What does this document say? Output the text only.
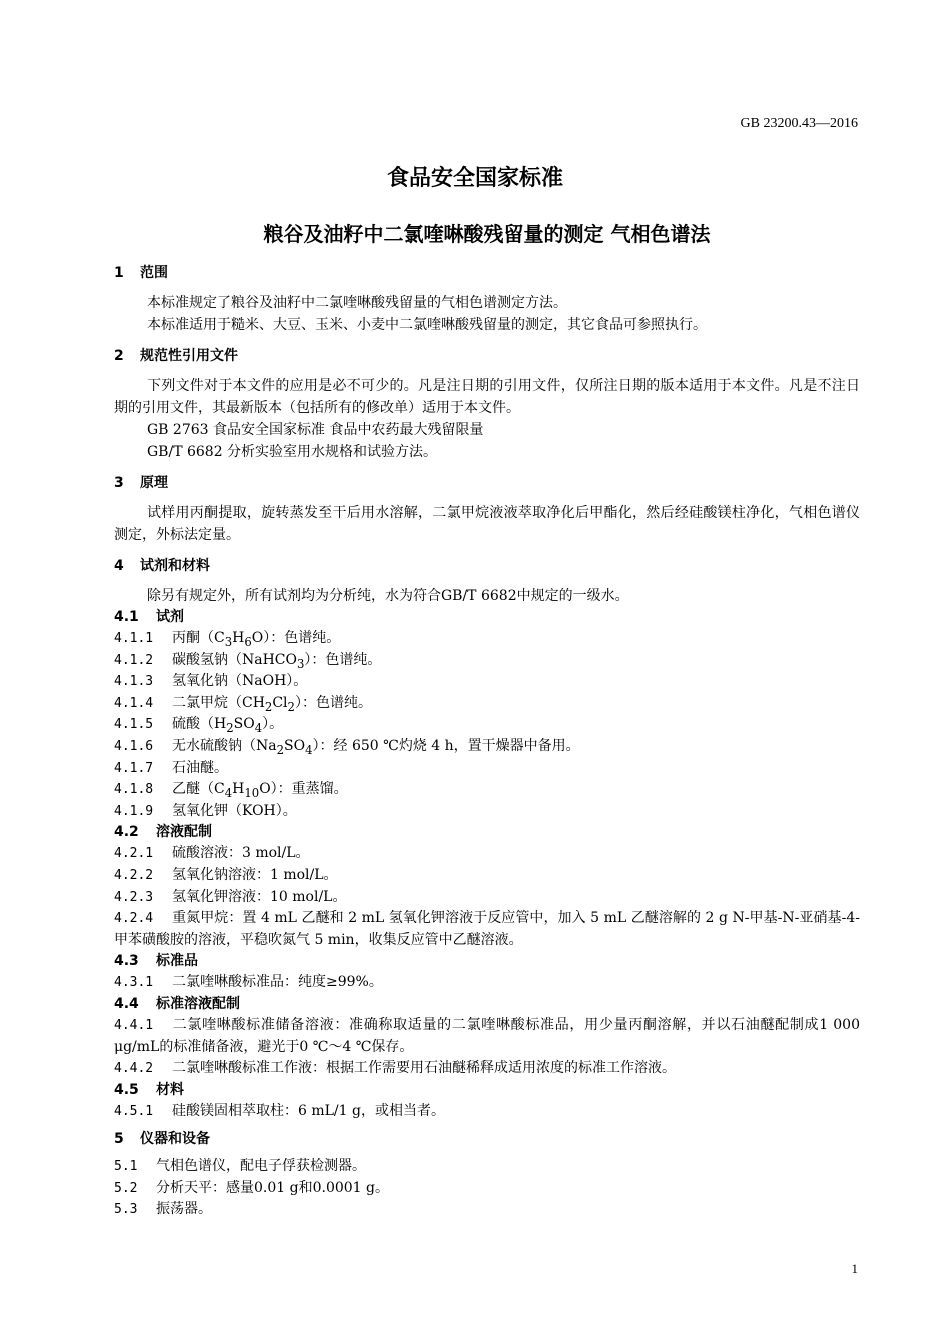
GB 23200.43—2016
食品安全国家标准
粮谷及油籽中二氯喹啉酸残留量的测定 气相色谱法
1 范围
本标准规定了粮谷及油籽中二氯喹啉酸残留量的气相色谱测定方法。
本标准适用于糙米、大豆、玉米、小麦中二氯喹啉酸残留量的测定，其它食品可参照执行。
2 规范性引用文件
下列文件对于本文件的应用是必不可少的。凡是注日期的引用文件，仅所注日期的版本适用于本文件。凡是不注日期的引用文件，其最新版本（包括所有的修改单）适用于本文件。
GB 2763 食品安全国家标准 食品中农药最大残留限量
GB/T 6682 分析实验室用水规格和试验方法。
3 原理
试样用丙酮提取，旋转蒸发至干后用水溶解，二氯甲烷液液萃取净化后甲酯化，然后经硅酸镁柱净化，气相色谱仪测定，外标法定量。
4 试剂和材料
除另有规定外，所有试剂均为分析纯，水为符合GB/T 6682中规定的一级水。
4.1 试剂
4.1.1 丙酮$(C_3H_6O)$：色谱纯。
4.1.2 碳酸氢钠（NaHCO$_3$）：色谱纯。
4.1.3 氢氧化钠（NaOH）。
4.1.4 二氯甲烷$(CH_2Cl_2)$：色谱纯。
4.1.5 硫酸$(H_2SO_4)$。
4.1.6 无水硫酸钠$(Na_2SO_4)$：经 650 ℃灼烧 4 h，置干燥器中备用。
4.1.7 石油醚。
4.1.8 乙醚$(C_4H_{10}O)$：重蒸馏。
4.1.9 氢氧化钾（KOH）。
4.2 溶液配制
4.2.1 硫酸溶液：3 mol/L。
4.2.2 氢氧化钠溶液：1 mol/L。
4.2.3 氢氧化钾溶液：10 mol/L。
4.2.4 重氮甲烷：置 4 mL 乙醚和 2 mL 氢氧化钾溶液于反应管中，加入 5 mL 乙醚溶解的 2 g N-甲基-N-亚硝基-4-甲苯磺酸胺的溶液，平稳吹氮气 5 min，收集反应管中乙醚溶液。
4.3 标准品
4.3.1 二氯喹啉酸标准品：纯度≥99%。
4.4 标准溶液配制
4.4.1 二氯喹啉酸标准储备溶液：准确称取适量的二氯喹啉酸标准品，用少量丙酮溶解，并以石油醚配制成1 000 μg/mL的标准储备液，避光于0 ℃～4 ℃保存。
4.4.2 二氯喹啉酸标准工作液：根据工作需要用石油醚稀释成适用浓度的标准工作溶液。
4.5 材料
4.5.1 硅酸镁固相萃取柱：6 mL/1 g，或相当者。
5 仪器和设备
5.1 气相色谱仪，配电子俘获检测器。
5.2 分析天平：感量0.01 g和0.0001 g。
5.3 振荡器。
1
